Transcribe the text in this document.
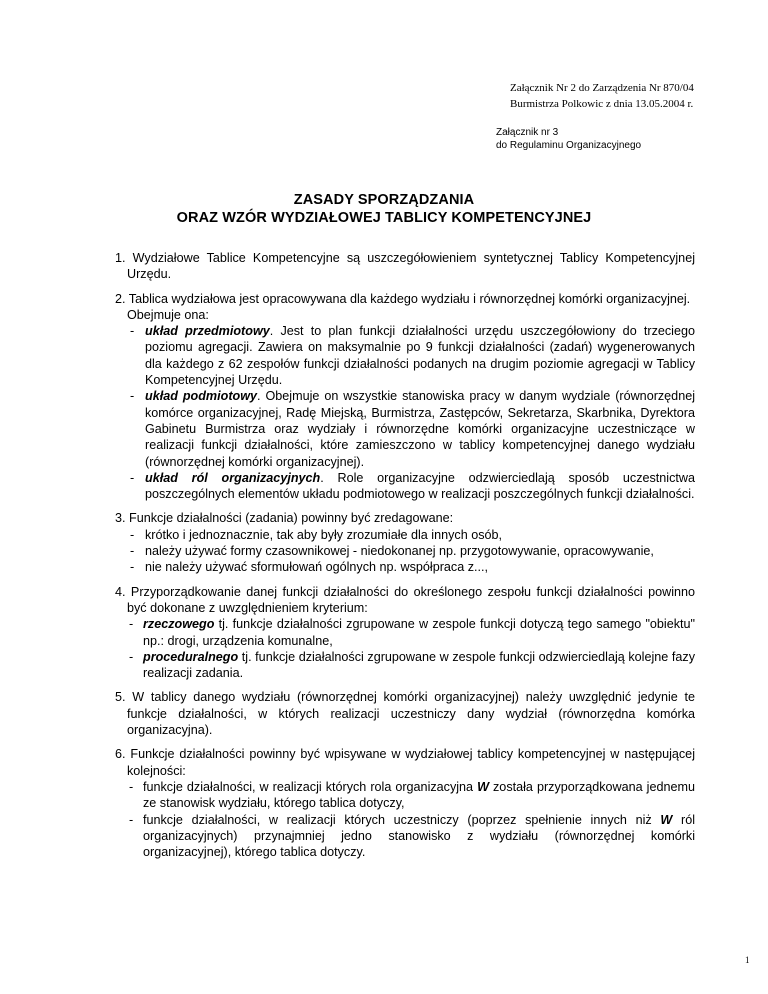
Załącznik Nr 2 do Zarządzenia Nr 870/04
Burmistrza Polkowic z dnia 13.05.2004 r.
Załącznik nr 3
do Regulaminu Organizacyjnego
ZASADY SPORZĄDZANIA
ORAZ WZÓR WYDZIAŁOWEJ TABLICY KOMPETENCYJNEJ

1. Wydziałowe Tablice Kompetencyjne są uszczegółowieniem syntetycznej Tablicy Kompetencyjnej Urzędu.

2. Tablica wydziałowa jest opracowywana dla każdego wydziału i równorzędnej komórki organizacyjnej. Obejmuje ona:

- układ przedmiotowy. Jest to plan funkcji działalności urzędu uszczegółowiony do trzeciego poziomu agregacji. Zawiera on maksymalnie po 9 funkcji działalności (zadań) wygenerowanych dla każdego z 62 zespołów funkcji działalności podanych na drugim poziomie agregacji w Tablicy Kompetencyjnej Urzędu.

- układ podmiotowy. Obejmuje on wszystkie stanowiska pracy w danym wydziale (równorzędnej komórce organizacyjnej, Radę Miejską, Burmistrza, Zastępców, Sekretarza, Skarbnika, Dyrektora Gabinetu Burmistrza oraz wydziały i równorzędne komórki organizacyjne uczestniczące w realizacji funkcji działalności, które zamieszczono w tablicy kompetencyjnej danego wydziału (równorzędnej komórki organizacyjnej).

- układ ról organizacyjnych. Role organizacyjne odzwierciedlają sposób uczestnictwa poszczególnych elementów układu podmiotowego w realizacji poszczególnych funkcji działalności.

3. Funkcje działalności (zadania) powinny być zredagowane:

- krótko i jednoznacznie, tak aby były zrozumiałe dla innych osób,

- należy używać formy czasownikowej - niedokonanej np. przygotowywanie, opracowywanie,

- nie należy używać sformułowań ogólnych np. współpraca z...,

4. Przyporządkowanie danej funkcji działalności do określonego zespołu funkcji działalności powinno być dokonane z uwzględnieniem kryterium:

- rzeczowego tj. funkcje działalności zgrupowane w zespole funkcji dotyczą tego samego "obiektu" np.: drogi, urządzenia komunalne,

- proceduralnego tj. funkcje działalności zgrupowane w zespole funkcji odzwierciedlają kolejne fazy realizacji zadania.

5. W tablicy danego wydziału (równorzędnej komórki organizacyjnej) należy uwzględnić jedynie te funkcje działalności, w których realizacji uczestniczy dany wydział (równorzędna komórka organizacyjna).

6. Funkcje działalności powinny być wpisywane w wydziałowej tablicy kompetencyjnej w następującej kolejności:

- funkcje działalności, w realizacji których rola organizacyjna W została przyporządkowana jednemu ze stanowisk wydziału, którego tablica dotyczy,

- funkcje działalności, w realizacji których uczestniczy (poprzez spełnienie innych niż W ról organizacyjnych) przynajmniej jedno stanowisko z wydziału (równorzędnej komórki organizacyjnej), którego tablica dotyczy.

1
